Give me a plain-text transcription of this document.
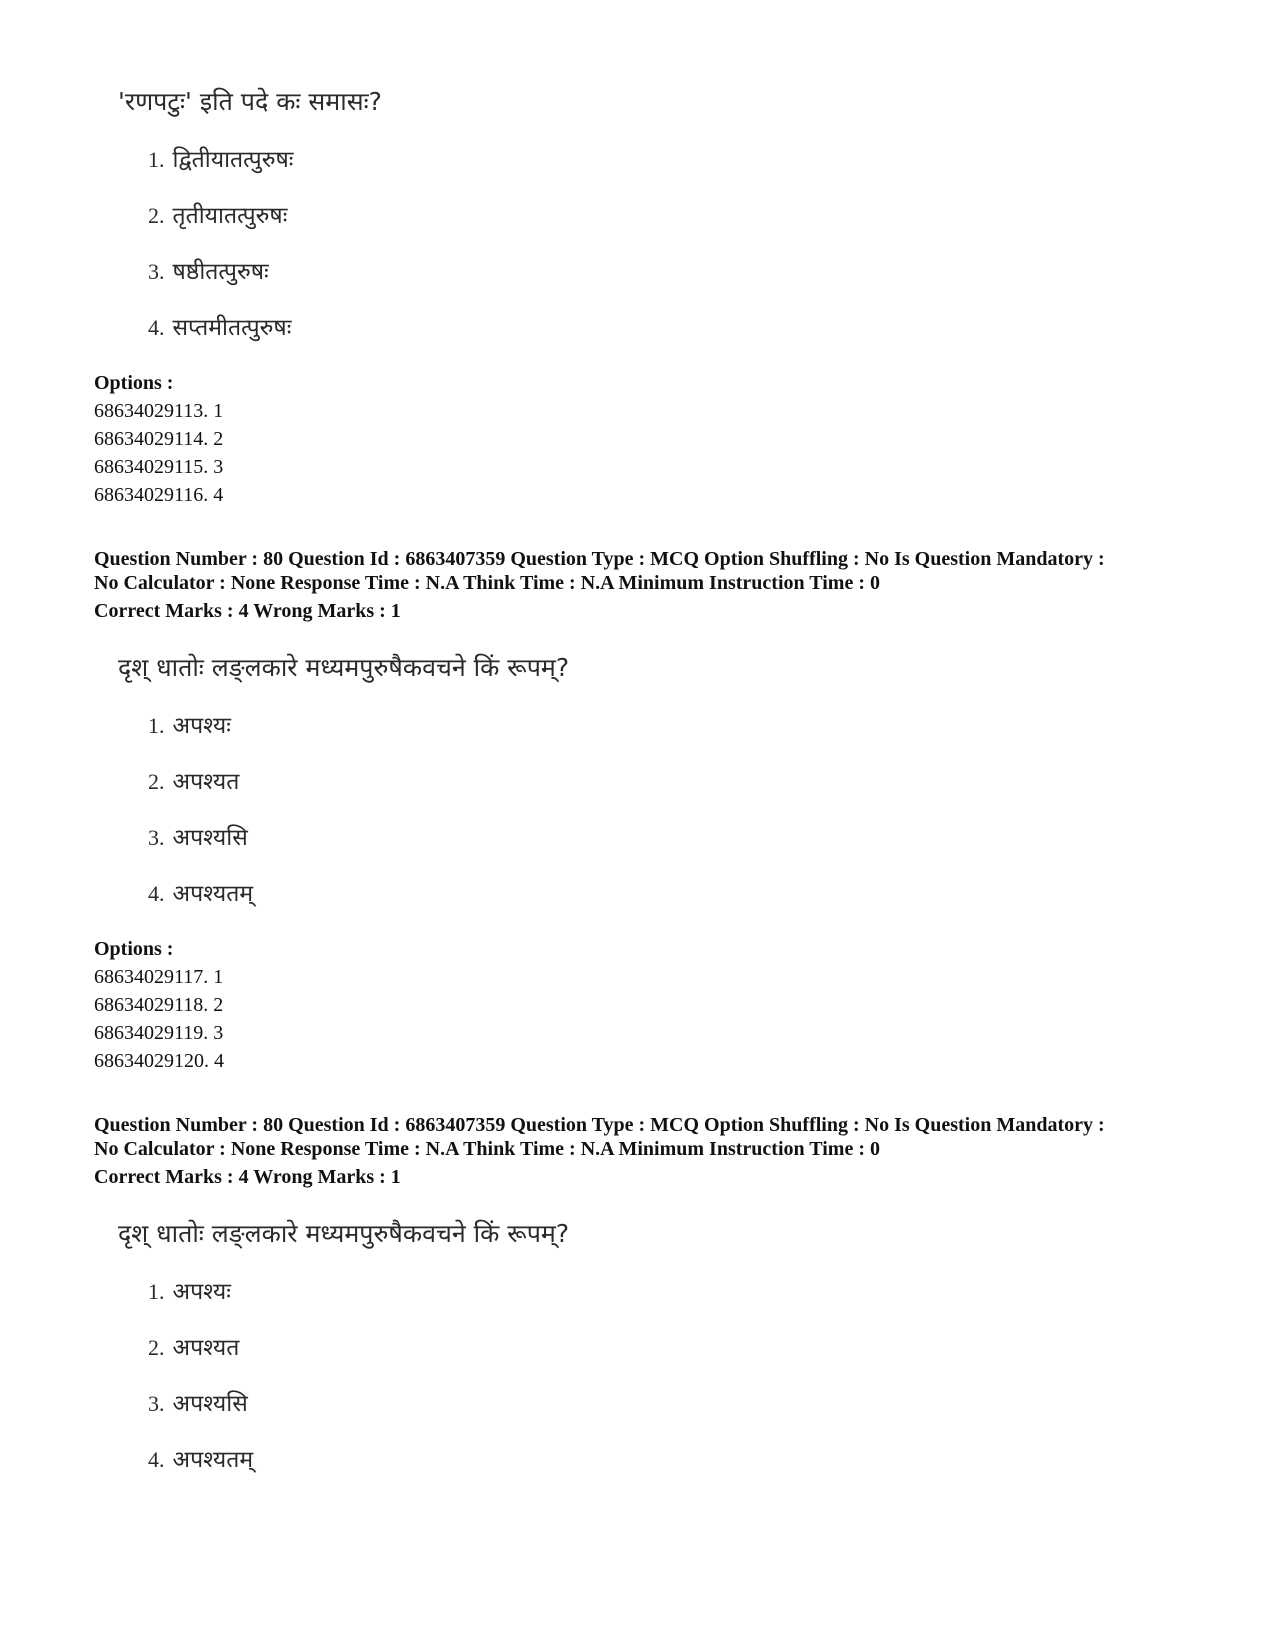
'रणपटुः' इति पदे कः समासः?
1. द्वितीयातत्पुरुषः
2. तृतीयातत्पुरुषः
3. षष्ठीतत्पुरुषः
4. सप्तमीतत्पुरुषः
Options :
68634029113. 1
68634029114. 2
68634029115. 3
68634029116. 4
Question Number : 80 Question Id : 6863407359 Question Type : MCQ Option Shuffling : No Is Question Mandatory :
No Calculator : None Response Time : N.A Think Time : N.A Minimum Instruction Time : 0
Correct Marks : 4 Wrong Marks : 1
दृश् धातोः लङ्लकारे मध्यमपुरुषैकवचने किं रूपम्?
1. अपश्यः
2. अपश्यत
3. अपश्यसि
4. अपश्यतम्
Options :
68634029117. 1
68634029118. 2
68634029119. 3
68634029120. 4
Question Number : 80 Question Id : 6863407359 Question Type : MCQ Option Shuffling : No Is Question Mandatory :
No Calculator : None Response Time : N.A Think Time : N.A Minimum Instruction Time : 0
Correct Marks : 4 Wrong Marks : 1
दृश् धातोः लङ्लकारे मध्यमपुरुषैकवचने किं रूपम्?
1. अपश्यः
2. अपश्यत
3. अपश्यसि
4. अपश्यतम्
